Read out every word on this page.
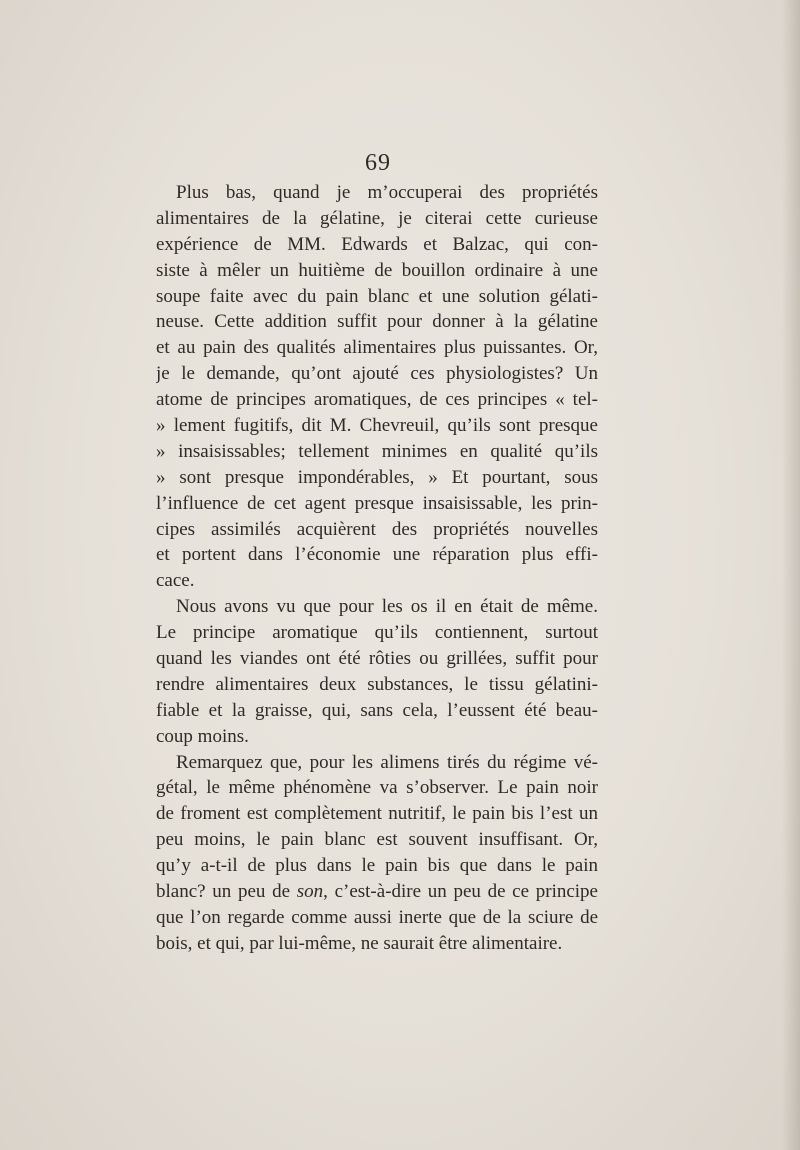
69
Plus bas, quand je m’occuperai des propriétés
alimentaires de la gélatine, je citerai cette curieuse
expérience de MM. Edwards et Balzac, qui con-
siste à mêler un huitième de bouillon ordinaire à une
soupe faite avec du pain blanc et une solution gélati-
neuse. Cette addition suffit pour donner à la gélatine
et au pain des qualités alimentaires plus puissantes. Or,
je le demande, qu’ont ajouté ces physiologistes? Un
atome de principes aromatiques, de ces principes « tel-
» lement fugitifs, dit M. Chevreuil, qu’ils sont presque
» insaisissables; tellement minimes en qualité qu’ils
» sont presque impondérables, » Et pourtant, sous
l’influence de cet agent presque insaisissable, les prin-
cipes assimilés acquièrent des propriétés nouvelles
et portent dans l’économie une réparation plus effi-
cace.
Nous avons vu que pour les os il en était de même.
Le principe aromatique qu’ils contiennent, surtout
quand les viandes ont été rôties ou grillées, suffit pour
rendre alimentaires deux substances, le tissu gélatini-
fiable et la graisse, qui, sans cela, l’eussent été beau-
coup moins.
Remarquez que, pour les alimens tirés du régime vé-
gétal, le même phénomène va s’observer. Le pain noir
de froment est complètement nutritif, le pain bis l’est un
peu moins, le pain blanc est souvent insuffisant. Or,
qu’y a-t-il de plus dans le pain bis que dans le pain
blanc? un peu de son, c’est-à-dire un peu de ce principe
que l’on regarde comme aussi inerte que de la sciure de
bois, et qui, par lui-même, ne saurait être alimentaire.
